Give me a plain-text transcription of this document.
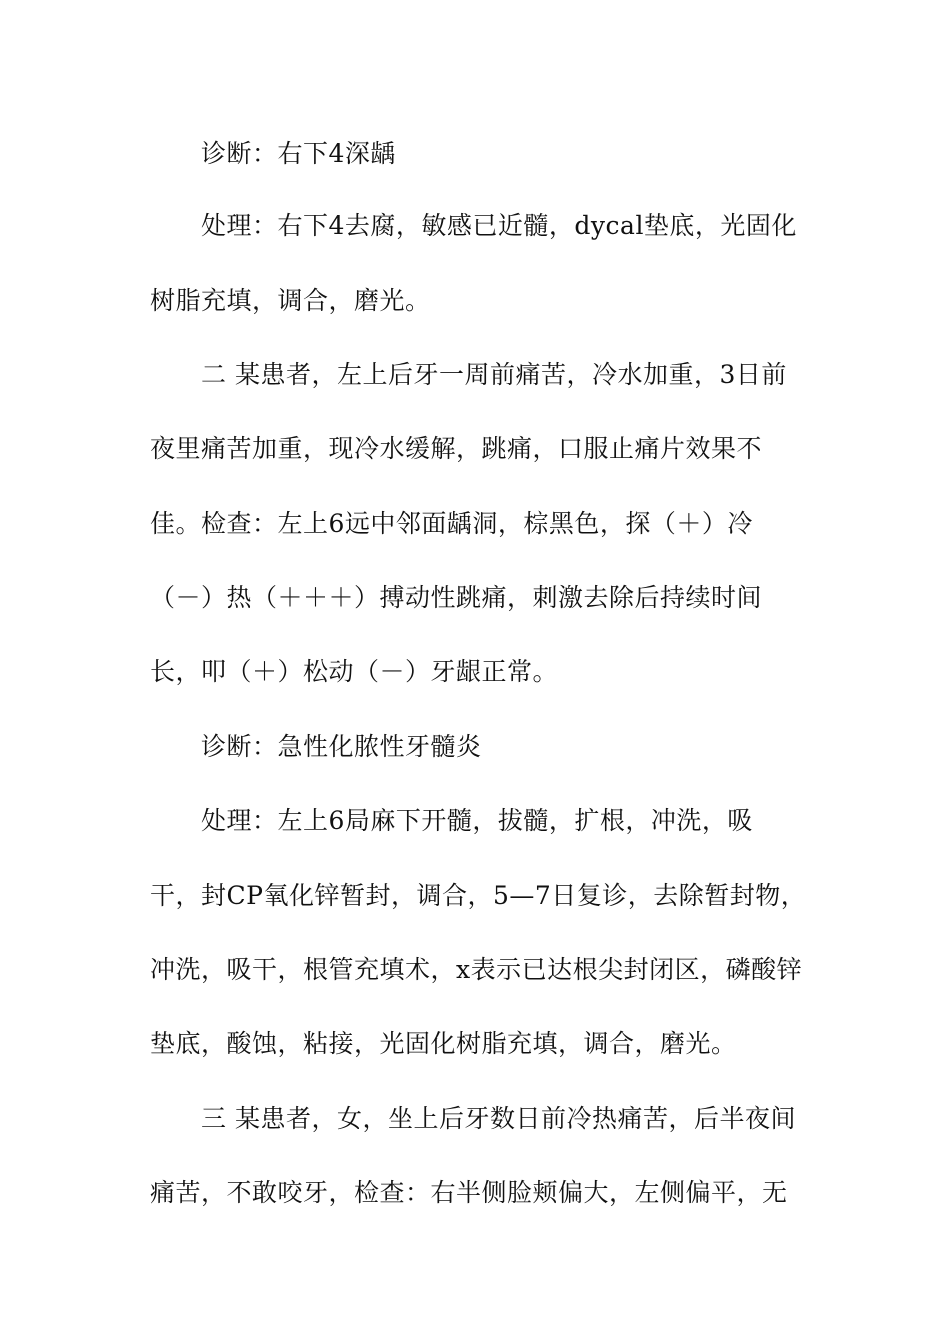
诊断：右下4深龋
处理：右下4去腐，敏感已近髓，dycal垫底，光固化
树脂充填，调合，磨光。
二 某患者，左上后牙一周前痛苦，冷水加重，3日前
夜里痛苦加重，现冷水缓解，跳痛，口服止痛片效果不
佳。检查：左上6远中邻面龋洞，棕黑色，探（＋）冷
（－）热（＋＋＋）搏动性跳痛，刺激去除后持续时间
长，叩（＋）松动（－）牙龈正常。
诊断：急性化脓性牙髓炎
处理：左上6局麻下开髓，拔髓，扩根，冲洗，吸
干，封CP氧化锌暂封，调合，5—7日复诊，去除暂封物，
冲洗，吸干，根管充填术，x表示已达根尖封闭区，磷酸锌
垫底，酸蚀，粘接，光固化树脂充填，调合，磨光。
三 某患者，女，坐上后牙数日前冷热痛苦，后半夜间
痛苦，不敢咬牙，检查：右半侧脸颊偏大，左侧偏平，无
